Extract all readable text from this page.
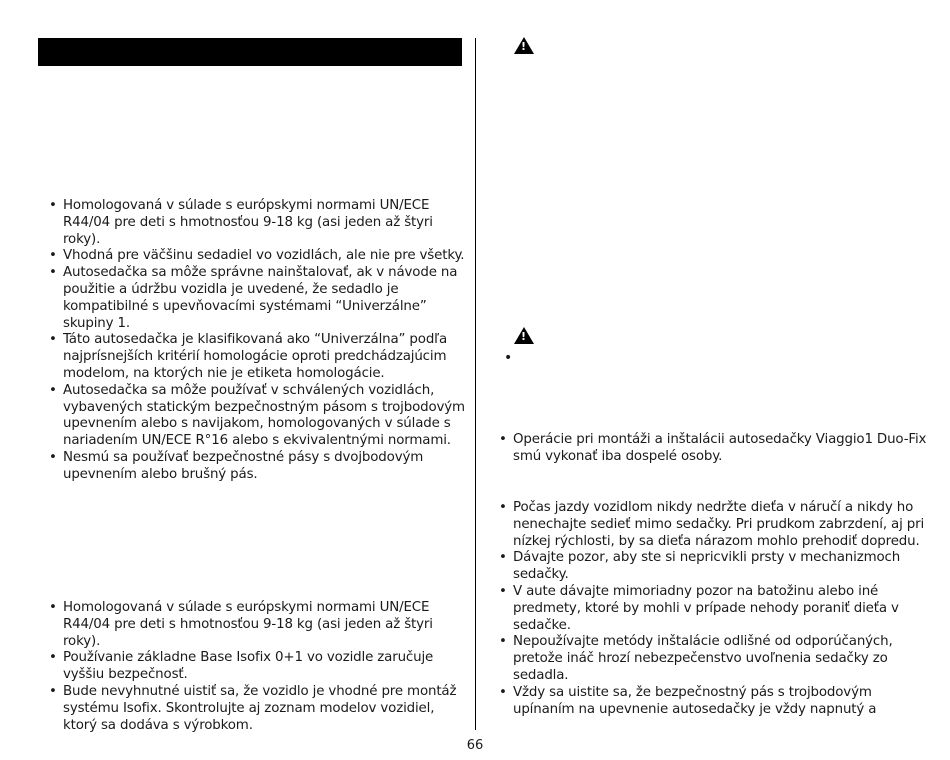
!
!
•
• Homologovaná v súlade s európskymi normami UN/ECE R44/04 pre deti s hmotnosťou 9-18 kg (asi jeden až štyri roky).
• Vhodná pre väčšinu sedadiel vo vozidlách, ale nie pre všetky.
• Autosedačka sa môže správne nainštalovať, ak v návode na použitie a údržbu vozidla je uvedené, že sedadlo je kompatibilné s upevňovacími systémami “Univerzálne” skupiny 1.
• Táto autosedačka je klasifikovaná ako “Univerzálna” podľa najprísnejších kritérií homologácie oproti predchádzajúcim modelom, na ktorých nie je etiketa homologácie.
• Autosedačka sa môže používať v schválených vozidlách, vybavených statickým bezpečnostným pásom s trojbodovým upevnením alebo s navijakom, homologovaných v súlade s nariadením UN/ECE R°16 alebo s ekvivalentnými normami.
• Nesmú sa používať bezpečnostné pásy s dvojbodovým upevnením alebo brušný pás.
• Homologovaná v súlade s európskymi normami UN/ECE R44/04 pre deti s hmotnosťou 9-18 kg (asi jeden až štyri roky).
• Používanie základne Base Isofix 0+1 vo vozidle zaručuje vyššiu bezpečnosť.
• Bude nevyhnutné uistiť sa, že vozidlo je vhodné pre montáž systému Isofix. Skontrolujte aj zoznam modelov vozidiel, ktorý sa dodáva s výrobkom.
• Operácie pri montáži a inštalácii autosedačky Viaggio1 Duo-Fix smú vykonať iba dospelé osoby.
• Počas jazdy vozidlom nikdy nedržte dieťa v náručí a nikdy ho nenechajte sedieť mimo sedačky. Pri prudkom zabrzdení, aj pri nízkej rýchlosti, by sa dieťa nárazom mohlo prehodiť dopredu.
• Dávajte pozor, aby ste si nepricvikli prsty v mechanizmoch sedačky.
• V aute dávajte mimoriadny pozor na batožinu alebo iné predmety, ktoré by mohli v prípade nehody poraniť dieťa v sedačke.
• Nepoužívajte metódy inštalácie odlišné od odporúčaných, pretože ináč hrozí nebezpečenstvo uvoľnenia sedačky zo sedadla.
• Vždy sa uistite sa, že bezpečnostný pás s trojbodovým upínaním na upevnenie autosedačky je vždy napnutý a
66
